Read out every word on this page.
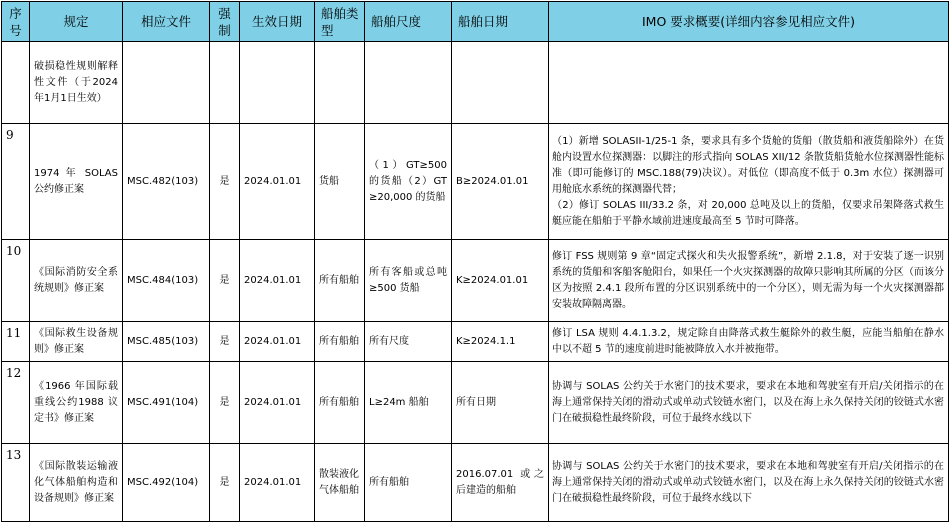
序号	规定	相应文件	强制	生效日期	船舶类型	船舶尺度	船舶日期	IMO 要求概要(详细内容参见相应文件)
	破损稳性规则解释性文件（于2024年1月1日生效）							

9	1974 年 SOLAS 公约修正案	MSC.482(103)	是	2024.01.01	货船	（1）GT≥500 的货船（2）GT ≥20,000 的货船	B≥2024.01.01	（1）新增 SOLASII-1/25-1 条，要求具有多个货舱的货船（散货船和液货船除外）在货舱内设置水位探测器：以脚注的形式指向 SOLAS XII/12 条散货船货舱水位探测器性能标准（即可能修订的 MSC.188(79)决议）。对低位（即高度不低于 0.3m 水位）探测器可用舱底水系统的探测器代替；

（2）修订 SOLAS III/33.2 条，对 20,000 总吨及以上的货船，仅要求吊架降落式救生艇应能在船舶于平静水域前进速度最高至 5 节时可降落。

10	《国际消防安全系统规则》修正案	MSC.484(103)	是	2024.01.01	所有船舶	所有客船或总吨≥500 货船	K≥2024.01.01	修订 FSS 规则第 9 章“固定式探火和失火报警系统”，新增 2.1.8，对于安装了逐一识别系统的货船和客船客舱阳台，如果任一个火灾探测器的故障只影响其所属的分区（而该分区为按照 2.4.1 段所布置的分区识别系统中的一个分区），则无需为每一个火灾探测器都安装故障隔离器。

11	《国际救生设备规则》修正案	MSC.485(103)	是	2024.01.01	所有船舶	所有尺度	K≥2024.1.1	修订 LSA 规则 4.4.1.3.2，规定除自由降落式救生艇除外的救生艇，应能当船舶在静水中以不超 5 节的速度前进时能被降放入水并被拖带。

12	《1966 年国际载重线公约1988 议定书》修正案	MSC.491(104)	是	2024.01.01	所有船舶	L≥24m 船舶	所有日期	协调与 SOLAS 公约关于水密门的技术要求，要求在本地和驾驶室有开启/关闭指示的在海上通常保持关闭的滑动式或单动式铰链水密门，以及在海上永久保持关闭的铰链式水密门在破损稳性最终阶段，可位于最终水线以下

13	《国际散装运输液化气体船舶构造和设备规则》修正案	MSC.492(104)	是	2024.01.01	散装液化气体船舶	所有船舶	2016.07.01 或之后建造的船舶	协调与 SOLAS 公约关于水密门的技术要求，要求在本地和驾驶室有开启/关闭指示的在海上通常保持关闭的滑动式或单动式铰链水密门，以及在海上永久保持关闭的铰链式水密门在破损稳性最终阶段，可位于最终水线以下
